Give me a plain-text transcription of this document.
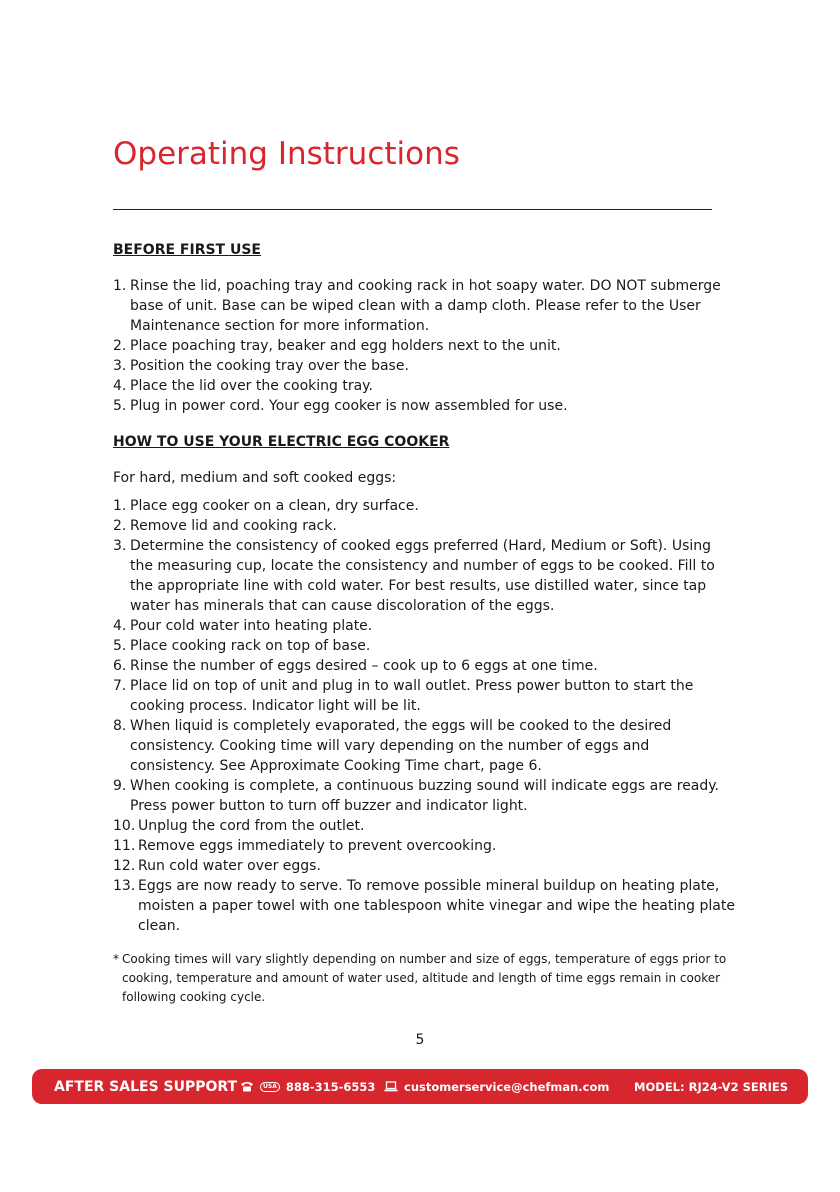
Operating Instructions
BEFORE FIRST USE
1. Rinse the lid, poaching tray and cooking rack in hot soapy water. DO NOT submerge base of unit. Base can be wiped clean with a damp cloth. Please refer to the User Maintenance section for more information.
2. Place poaching tray, beaker and egg holders next to the unit.
3. Position the cooking tray over the base.
4. Place the lid over the cooking tray.
5. Plug in power cord. Your egg cooker is now assembled for use.
HOW TO USE YOUR ELECTRIC EGG COOKER
For hard, medium and soft cooked eggs:
1. Place egg cooker on a clean, dry surface.
2. Remove lid and cooking rack.
3. Determine the consistency of cooked eggs preferred (Hard, Medium or Soft). Using the measuring cup, locate the consistency and number of eggs to be cooked. Fill to the appropriate line with cold water. For best results, use distilled water, since tap water has minerals that can cause discoloration of the eggs.
4. Pour cold water into heating plate.
5. Place cooking rack on top of base.
6. Rinse the number of eggs desired – cook up to 6 eggs at one time.
7. Place lid on top of unit and plug in to wall outlet. Press power button to start the cooking process. Indicator light will be lit.
8. When liquid is completely evaporated, the eggs will be cooked to the desired consistency. Cooking time will vary depending on the number of eggs and consistency. See Approximate Cooking Time chart, page 6.
9. When cooking is complete, a continuous buzzing sound will indicate eggs are ready. Press power button to turn off buzzer and indicator light.
10. Unplug the cord from the outlet.
11. Remove eggs immediately to prevent overcooking.
12. Run cold water over eggs.
13. Eggs are now ready to serve. To remove possible mineral buildup on heating plate, moisten a paper towel with one tablespoon white vinegar and wipe the heating plate clean.
* Cooking times will vary slightly depending on number and size of eggs, temperature of eggs prior to cooking, temperature and amount of water used, altitude and length of time eggs remain in cooker following cooking cycle.
5
AFTER SALES SUPPORT	USA 888-315-6553 customerservice@chefman.com MODEL: RJ24-V2 SERIES
